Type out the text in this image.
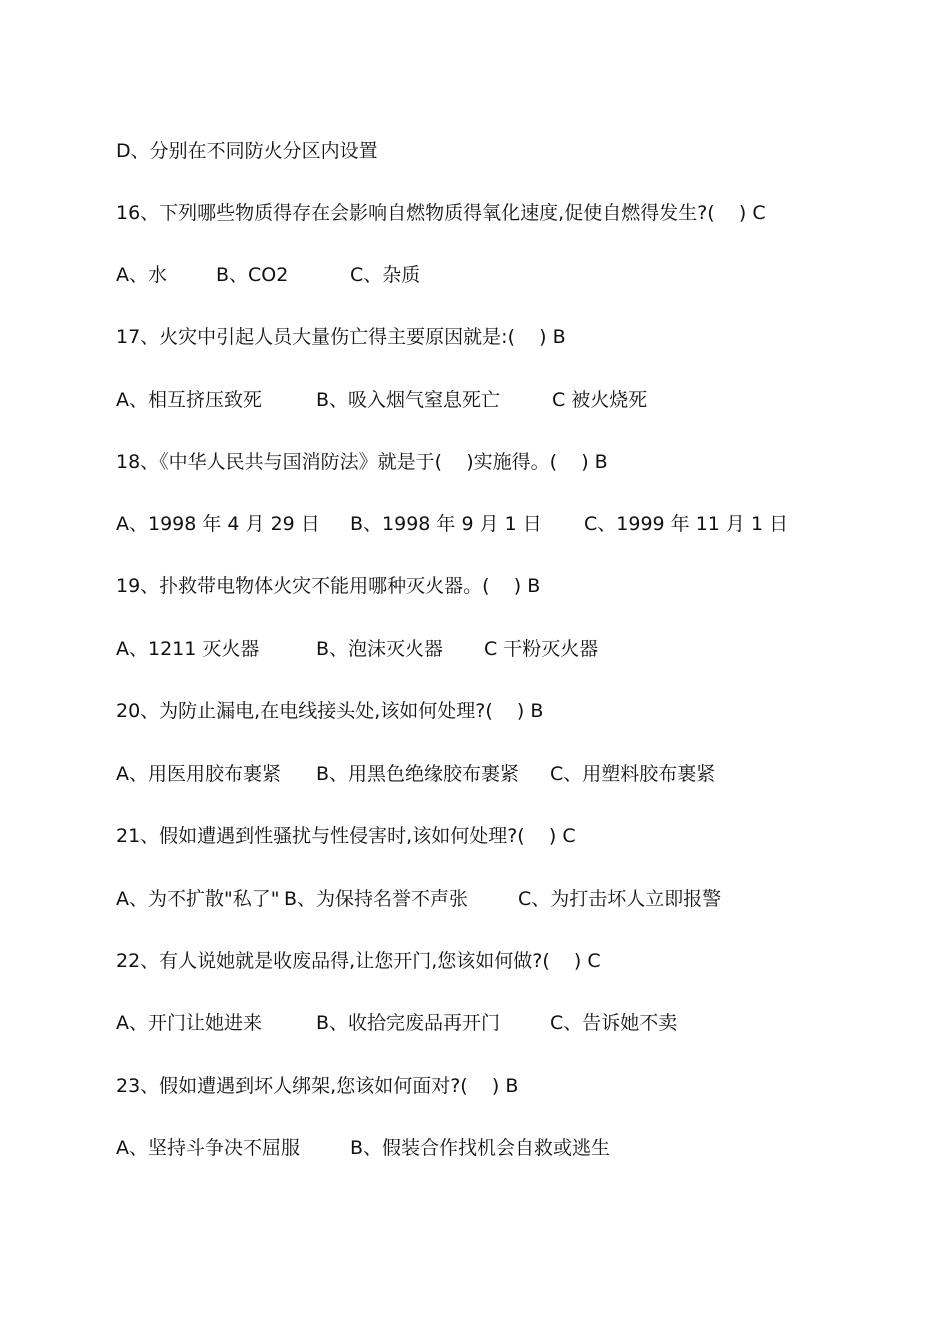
D、分别在不同防火分区内设置
16、下列哪些物质得存在会影响自燃物质得氧化速度,促使自燃得发生?(    ) C

A、水

	B、CO2

	C、杂质

17、火灾中引起人员大量伤亡得主要原因就是:(    ) B

A、相互挤压致死

	B、吸入烟气窒息死亡

	C 被火烧死

18、《中华人民共与国消防法》就是于(    )实施得。(    ) B

A、1998 年 4 月 29 日

B、1998 年 9 月 1 日

C、1999 年 11 月 1 日

19、扑救带电物体火灾不能用哪种灭火器。(    ) B

A、1211 灭火器

	B、泡沫灭火器

C 干粉灭火器

20、为防止漏电,在电线接头处,该如何处理?(    ) B

A、用医用胶布裹紧

B、用黑色绝缘胶布裹紧

C、用塑料胶布裹紧

21、假如遭遇到性骚扰与性侵害时,该如何处理?(    ) C

A、为不扩散"私了"

B、为保持名誉不声张

	C、为打击坏人立即报警

22、有人说她就是收废品得,让您开门,您该如何做?(    ) C

A、开门让她进来

	B、收拾完废品再开门

	C、告诉她不卖

23、假如遭遇到坏人绑架,您该如何面对?(    ) B

A、坚持斗争决不屈服

	B、假装合作找机会自救或逃生
